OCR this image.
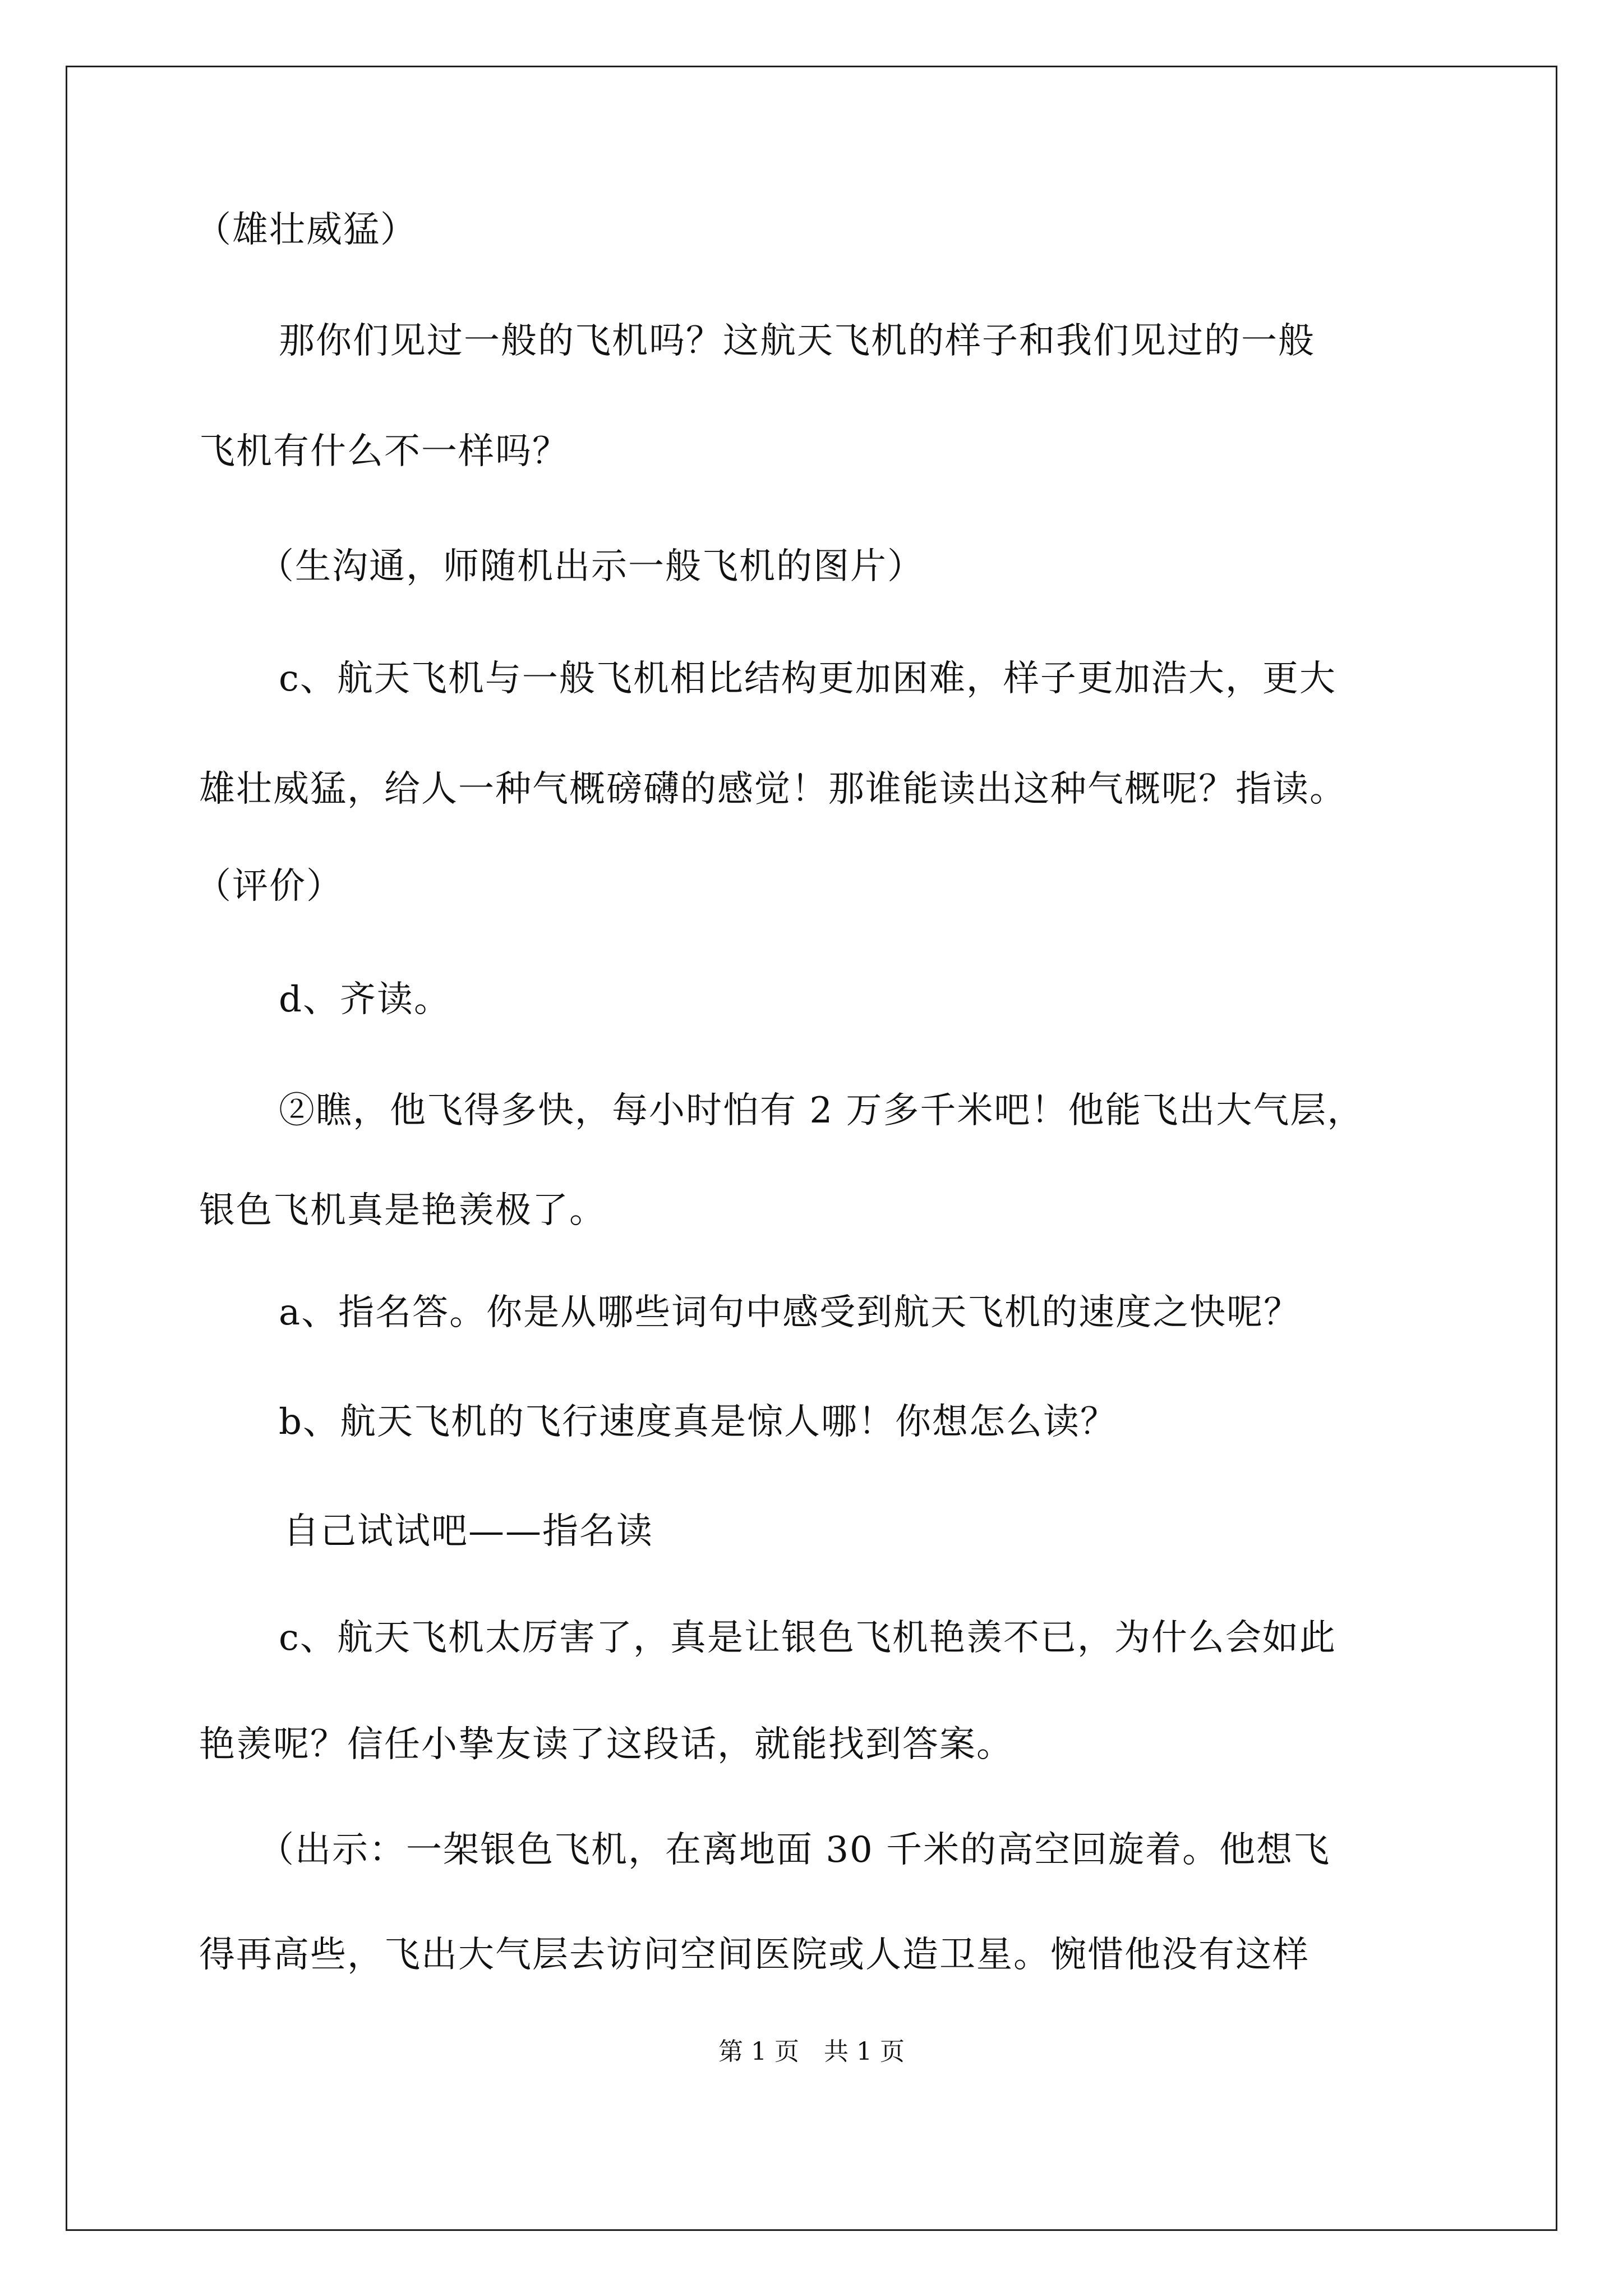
（雄壮威猛）
那你们见过一般的飞机吗？这航天飞机的样子和我们见过的一般
飞机有什么不一样吗？
（生沟通，师随机出示一般飞机的图片）
c、航天飞机与一般飞机相比结构更加困难，样子更加浩大，更大
雄壮威猛，给人一种气概磅礴的感觉！那谁能读出这种气概呢？指读。
（评价）
d、齐读。
②瞧，他飞得多快，每小时怕有 2 万多千米吧！他能飞出大气层，
银色飞机真是艳羡极了。
a、指名答。你是从哪些词句中感受到航天飞机的速度之快呢？
b、航天飞机的飞行速度真是惊人哪！你想怎么读？
自己试试吧——指名读
c、航天飞机太厉害了，真是让银色飞机艳羡不已，为什么会如此
艳羡呢？信任小挚友读了这段话，就能找到答案。
（出示：一架银色飞机，在离地面 30 千米的高空回旋着。他想飞
得再高些，飞出大气层去访问空间医院或人造卫星。惋惜他没有这样
第 1 页　共 1 页
